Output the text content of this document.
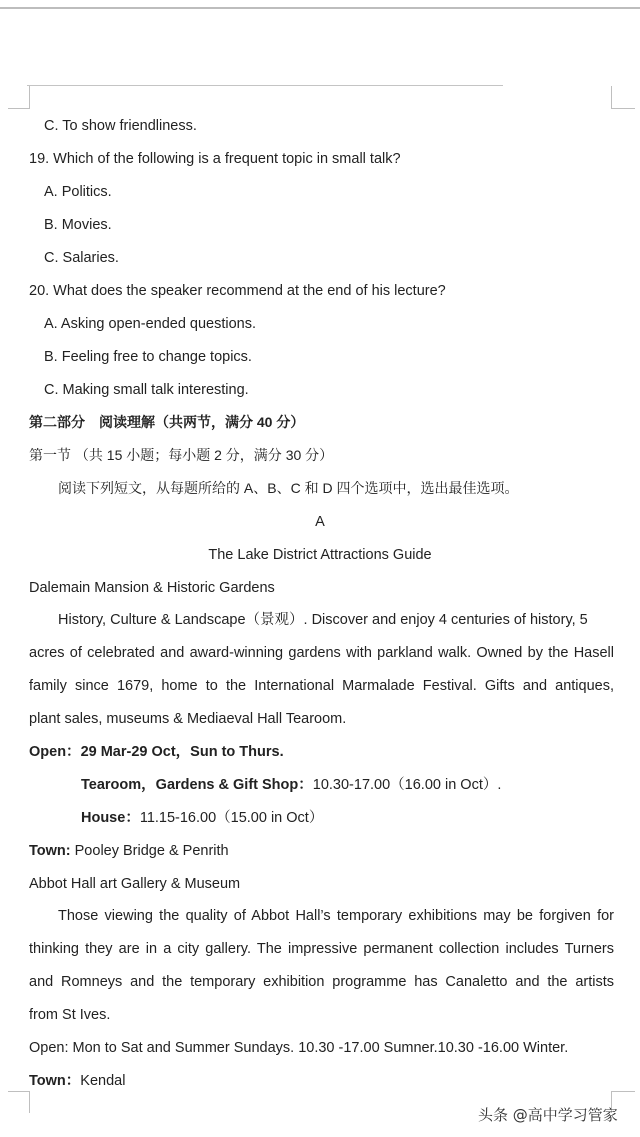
C. To show friendliness.
19. Which of the following is a frequent topic in small talk?
A. Politics.
B. Movies.
C. Salaries.
20. What does the speaker recommend at the end of his lecture?
A. Asking open-ended questions.
B. Feeling free to change topics.
C. Making small talk interesting.
第二部分　阅读理解（共两节，满分 40 分）
第一节 （共 15 小题；每小题 2 分，满分 30 分）
阅读下列短文，从每题所给的 A、B、C 和 D 四个选项中，选出最佳选项。
A
The Lake District Attractions Guide
Dalemain Mansion & Historic Gardens
History, Culture & Landscape（景观）. Discover and enjoy 4 centuries of history, 5
acres of celebrated and award-winning gardens with parkland walk. Owned by the Hasell
family since 1679, home to the International Marmalade Festival. Gifts and antiques,
plant sales, museums & Mediaeval Hall Tearoom.
Open：29 Mar-29 Oct，Sun to Thurs.
Tearoom，Gardens & Gift Shop：10.30-17.00（16.00 in Oct）.
House：11.15-16.00（15.00 in Oct）
Town: Pooley Bridge & Penrith
Abbot Hall art Gallery & Museum
Those viewing the quality of Abbot Hall’s temporary exhibitions may be forgiven for
thinking they are in a city gallery. The impressive permanent collection includes Turners
and Romneys and the temporary exhibition programme has Canaletto and the artists
from St Ives.
Open: Mon to Sat and Summer Sundays. 10.30 -17.00 Sumner.10.30 -16.00 Winter.
Town：Kendal
头条 @高中学习管家
